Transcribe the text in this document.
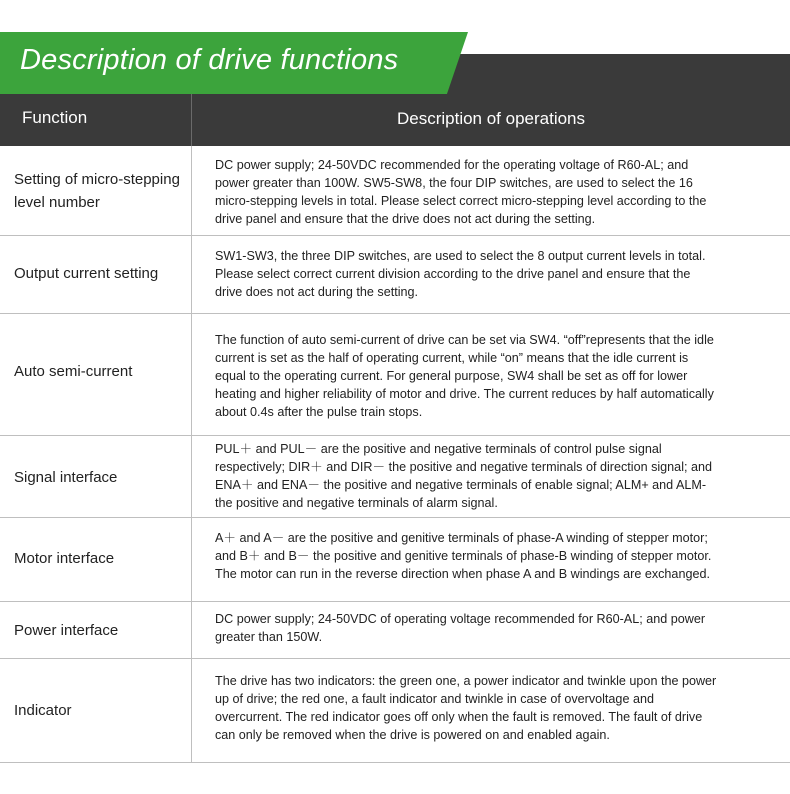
Description of drive functions
Function	Description of operations
Setting of micro-stepping level number
DC power supply; 24-50VDC recommended for the operating voltage of R60-AL; and
power greater than 100W. SW5-SW8, the four DIP switches, are used to select the 16
micro-stepping levels in total. Please select correct micro-stepping level according to the
drive panel and ensure that the drive does not act during the setting.
Output current setting
SW1-SW3, the three DIP switches, are used to select the 8 output current levels in total.
Please select correct current division according to the drive panel and ensure that the
drive does not act during the setting.
Auto semi-current
The function of auto semi-current of drive can be set via SW4. “off”represents that the idle
current is set as the half of operating current, while “on” means that the idle current is
equal to the operating current. For general purpose, SW4 shall be set as off for lower
heating and higher reliability of motor and drive. The current reduces by half automatically
about 0.4s after the pulse train stops.
Signal interface
PUL＋ and PUL－ are the positive and negative terminals of control pulse signal
respectively; DIR＋ and DIR－ the positive and negative terminals of direction signal; and
ENA＋ and ENA－ the positive and negative terminals of enable signal; ALM+ and ALM-
the positive and negative terminals of alarm signal.
Motor interface
A＋ and A－ are the positive and genitive terminals of phase-A winding of stepper motor;
and B＋ and B－ the positive and genitive terminals of phase-B winding of stepper motor.
The motor can run in the reverse direction when phase A and B windings are exchanged.
Power interface
DC power supply; 24-50VDC of operating voltage recommended for R60-AL; and power
greater than 150W.
Indicator
The drive has two indicators: the green one, a power indicator and twinkle upon the power
up of drive; the red one, a fault indicator and twinkle in case of overvoltage and
overcurrent. The red indicator goes off only when the fault is removed. The fault of drive
can only be removed when the drive is powered on and enabled again.
